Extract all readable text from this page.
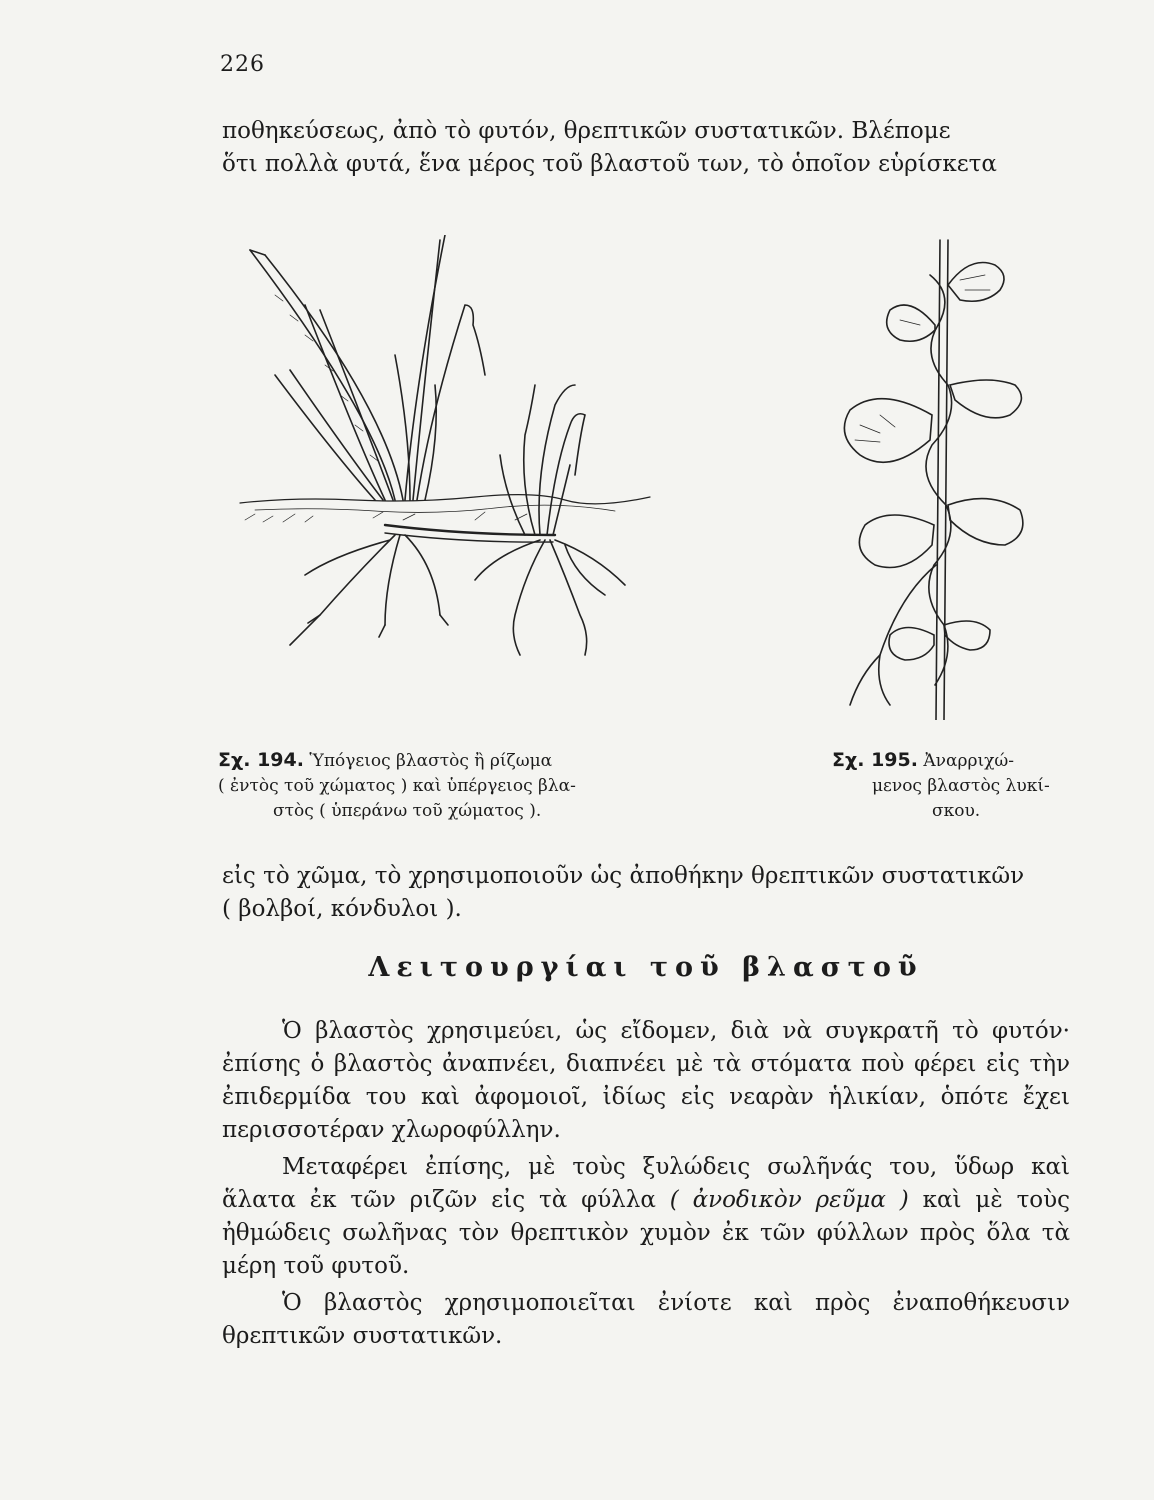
226

ποθηκεύσεως, ἀπὸ τὸ φυτόν, θρεπτικῶν συστατικῶν. Βλέπομε

ὅτι πολλὰ φυτά, ἕνα μέρος τοῦ βλαστοῦ των, τὸ ὁποῖον εὑρίσκετα

Σχ. 194. Ὑπόγειος βλαστὸς ἢ ρίζωμα
( ἐντὸς τοῦ χώματος ) καὶ ὑπέργειος βλα-
στὸς ( ὑπεράνω τοῦ χώματος ).
Σχ. 195. Ἀναρριχώ-
μενος βλαστὸς λυκί-
σκου.

εἰς τὸ χῶμα, τὸ χρησιμοποιοῦν ὡς ἀποθήκην θρεπτικῶν συστατικῶν

( βολβοί, κόνδυλοι ).

Λειτουργίαι τοῦ βλαστοῦ

Ὁ βλαστὸς χρησιμεύει, ὡς εἴδομεν, διὰ νὰ συγκρατῆ τὸ φυτόν· ἐπίσης ὁ βλαστὸς ἀναπνέει, διαπνέει μὲ τὰ στόματα ποὺ φέρει εἰς τὴν ἐπιδερμίδα του καὶ ἀφομοιοῖ, ἰδίως εἰς νεαρὰν ἡλικίαν, ὁπότε ἔχει περισσοτέραν χλωροφύλλην.

Μεταφέρει ἐπίσης, μὲ τοὺς ξυλώδεις σωλῆνάς του, ὕδωρ καὶ ἅλατα ἐκ τῶν ριζῶν εἰς τὰ φύλλα ( ἀνοδικὸν ρεῦμα ) καὶ μὲ τοὺς ἠθμώδεις σωλῆνας τὸν θρεπτικὸν χυμὸν ἐκ τῶν φύλλων πρὸς ὅλα τὰ μέρη τοῦ φυτοῦ.

Ὁ βλαστὸς χρησιμοποιεῖται ἐνίοτε καὶ πρὸς ἐναποθήκευσιν θρεπτικῶν συστατικῶν.
